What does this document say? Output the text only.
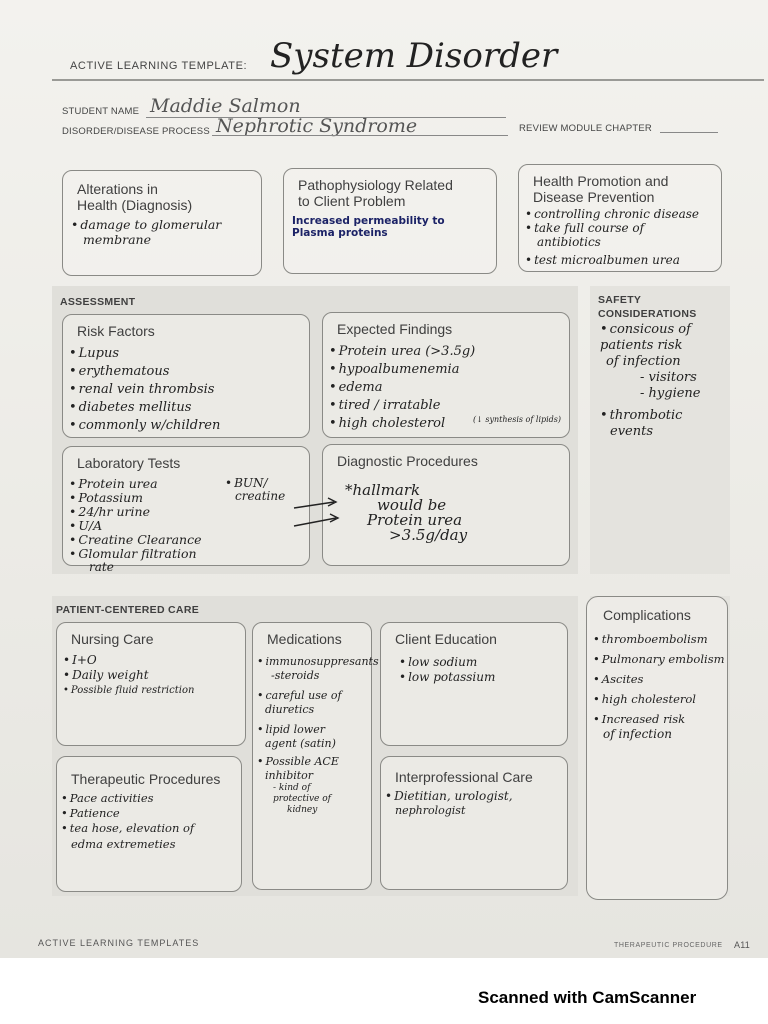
ACTIVE LEARNING TEMPLATE: System Disorder
STUDENT NAME Maddie Salmon
DISORDER/DISEASE PROCESS Nephrotic Syndrome	REVIEW MODULE CHAPTER
Alterations in
Health (Diagnosis)
• damage to glomerular
membrane
Pathophysiology Related
to Client Problem
Increased permeability to
Plasma proteins
Health Promotion and
Disease Prevention
• controlling chronic disease
• take full course of
antibiotics
• test microalbumen urea
ASSESSMENT	SAFETY
CONSIDERATIONS
• consicous of
patients risk
of infection
- visitors
- hygiene
• thrombotic
events
Risk Factors
• Lupus
• erythematous
• renal vein thrombsis
• diabetes mellitus
• commonly w/children
Expected Findings
• Protein urea (>3.5g)
• hypoalbumenemia
• edema
• tired / irratable
• high cholesterol	(↓ synthesis of lipids)
Laboratory Tests
• Protein urea
• Potassium
• 24/hr urine
• U/A
• Creatine Clearance
• Glomular filtration
rate
• BUN/
creatine
Diagnostic Procedures
*hallmark
would be
Protein urea
>3.5g/day
PATIENT-CENTERED CARE
Nursing Care
• I+O
• Daily weight
• Possible fluid restriction
Therapeutic Procedures
• Pace activities
• Patience
• tea hose, elevation of
edma extremeties
Medications
• immunosuppresants
-steroids
• careful use of
diuretics
• lipid lower
agent (satin)
• Possible ACE
inhibitor
- kind of
protective of
kidney
Client Education
• low sodium
• low potassium
Interprofessional Care
• Dietitian, urologist,
nephrologist
Complications
• thromboembolism
• Pulmonary embolism
• Ascites
• high cholesterol
• Increased risk
of infection
ACTIVE LEARNING TEMPLATES	THERAPEUTIC PROCEDURE A11
Scanned with CamScanner
